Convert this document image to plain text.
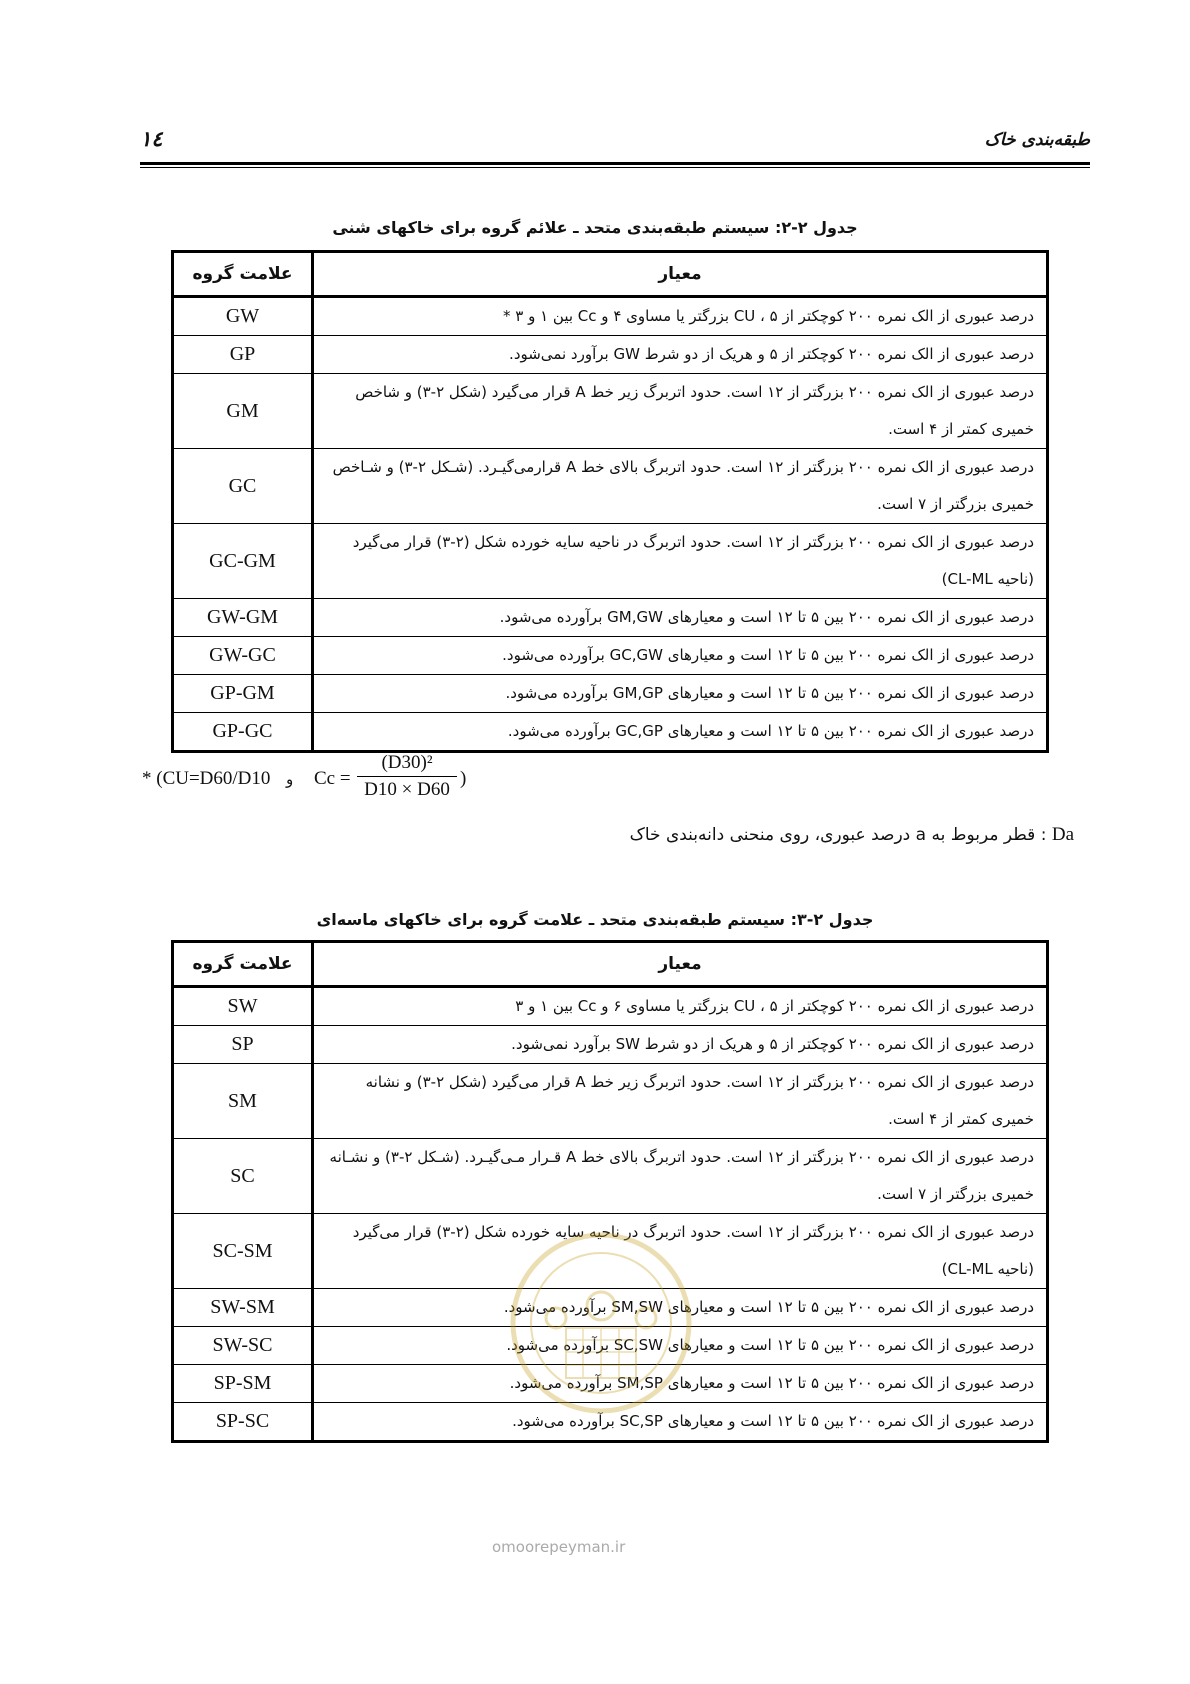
۱٤	طبقه‌بندی خاک
جدول ۲-۲: سیستم طبقه‌بندی متحد ـ علائم گروه برای خاکهای شنی
معیار	علامت گروه
درصد عبوری از الک نمره ۲۰۰ کوچکتر از ۵ ، CU بزرگتر یا مساوی ۴ و Cc بین ۱ و ۳ *	GW
درصد عبوری از الک نمره ۲۰۰ کوچکتر از ۵ و هریک از دو شرط GW برآورد نمی‌شود.	GP
درصد عبوری از الک نمره ۲۰۰ بزرگتر از ۱۲ است. حدود اتربرگ زیر خط A قرار می‌گیرد (شکل ۲-۳) و شاخص خمیری کمتر از ۴ است.	GM
درصد عبوری از الک نمره ۲۰۰ بزرگتر از ۱۲ است. حدود اتربرگ بالای خط A قرارمی‌گیـرد. (شـکل ۲-۳) و شـاخص خمیری بزرگتر از ۷ است.	GC
درصد عبوری از الک نمره ۲۰۰ بزرگتر از ۱۲ است. حدود اتربرگ در ناحیه سایه خورده شکل (۲-۳) قرار می‌گیرد (ناحیه CL-ML)	GC-GM
درصد عبوری از الک نمره ۲۰۰ بین ۵ تا ۱۲ است و معیارهای GM,GW برآورده می‌شود.	GW-GM
درصد عبوری از الک نمره ۲۰۰ بین ۵ تا ۱۲ است و معیارهای GC,GW برآورده می‌شود.	GW-GC
درصد عبوری از الک نمره ۲۰۰ بین ۵ تا ۱۲ است و معیارهای GM,GP برآورده می‌شود.	GP-GM
درصد عبوری از الک نمره ۲۰۰ بین ۵ تا ۱۲ است و معیارهای GC,GP برآورده می‌شود.	GP-GC
* (CU=D60/D10 و $Cc = \frac{\text{(D30)²}}{D10 \times D60}$ )
Da : قطر مربوط به a درصد عبوری، روی منحنی دانه‌بندی خاک
جدول ۲-۳: سیستم طبقه‌بندی متحد ـ علامت گروه برای خاکهای ماسه‌ای
معیار	علامت گروه
درصد عبوری از الک نمره ۲۰۰ کوچکتر از ۵ ، CU بزرگتر یا مساوی ۶ و Cc بین ۱ و ۳	SW
درصد عبوری از الک نمره ۲۰۰ کوچکتر از ۵ و هریک از دو شرط SW برآورد نمی‌شود.	SP
درصد عبوری از الک نمره ۲۰۰ بزرگتر از ۱۲ است. حدود اتربرگ زیر خط A قرار می‌گیرد (شکل ۲-۳) و نشانه خمیری کمتر از ۴ است.	SM
درصد عبوری از الک نمره ۲۰۰ بزرگتر از ۱۲ است. حدود اتربرگ بالای خط A قـرار مـی‌گیـرد. (شـکل ۲-۳) و نشـانه خمیری بزرگتر از ۷ است.	SC
درصد عبوری از الک نمره ۲۰۰ بزرگتر از ۱۲ است. حدود اتربرگ در ناحیه سایه خورده شکل (۲-۳) قرار می‌گیرد (ناحیه CL-ML)	SC-SM
درصد عبوری از الک نمره ۲۰۰ بین ۵ تا ۱۲ است و معیارهای SM,SW برآورده می‌شود.	SW-SM
درصد عبوری از الک نمره ۲۰۰ بین ۵ تا ۱۲ است و معیارهای SC,SW برآورده می‌شود.	SW-SC
درصد عبوری از الک نمره ۲۰۰ بین ۵ تا ۱۲ است و معیارهای SM,SP برآورده می‌شود.	SP-SM
درصد عبوری از الک نمره ۲۰۰ بین ۵ تا ۱۲ است و معیارهای SC,SP برآورده می‌شود.	SP-SC
omoorepeyman.ir
